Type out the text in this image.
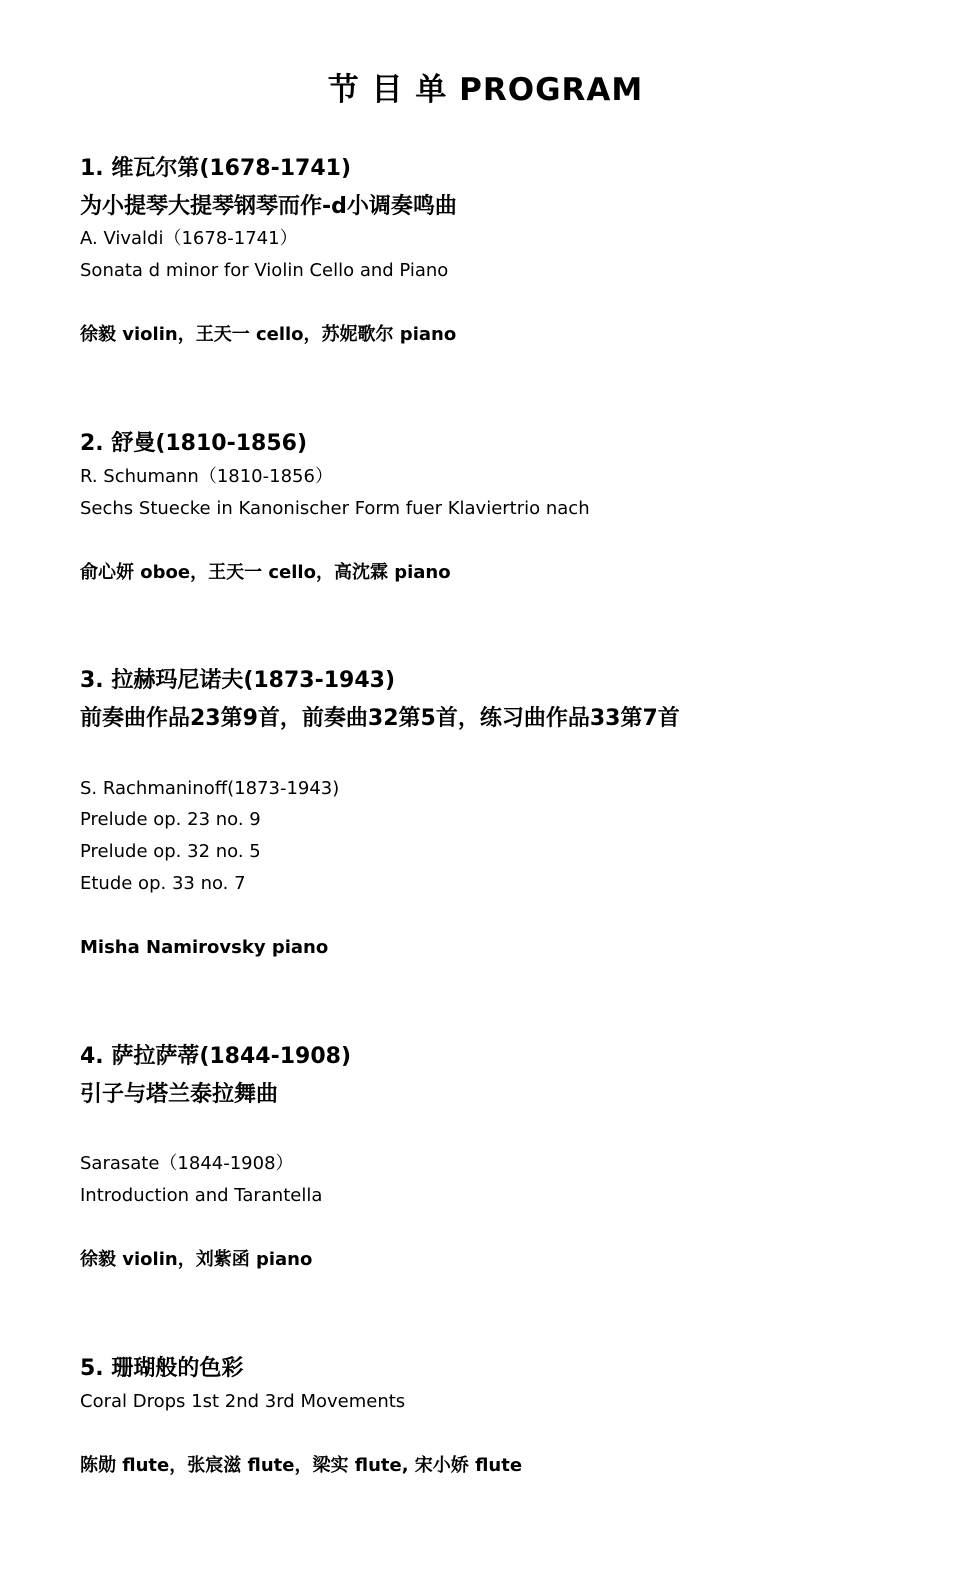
节 目 单 PROGRAM
1. 维瓦尔第(1678-1741)
为小提琴大提琴钢琴而作-d小调奏鸣曲
A. Vivaldi（1678-1741）
Sonata d minor for Violin Cello and Piano
徐毅 violin，王天一 cello，苏妮歌尔 piano
2. 舒曼(1810-1856)
R. Schumann（1810-1856）
Sechs Stuecke in Kanonischer Form fuer Klaviertrio nach
俞心妍 oboe，王天一 cello，高沈霖 piano
3. 拉赫玛尼诺夫(1873-1943)
前奏曲作品23第9首，前奏曲32第5首，练习曲作品33第7首
S. Rachmaninoff(1873-1943)
Prelude op. 23 no. 9
Prelude op. 32 no. 5
Etude op. 33 no. 7
Misha Namirovsky piano
4. 萨拉萨蒂(1844-1908)
引子与塔兰泰拉舞曲
Sarasate（1844-1908）
Introduction and Tarantella
徐毅 violin，刘紫函 piano
5. 珊瑚般的色彩
Coral Drops 1st 2nd 3rd Movements
陈勋 flute，张宸滋 flute，梁实 flute, 宋小娇 flute
